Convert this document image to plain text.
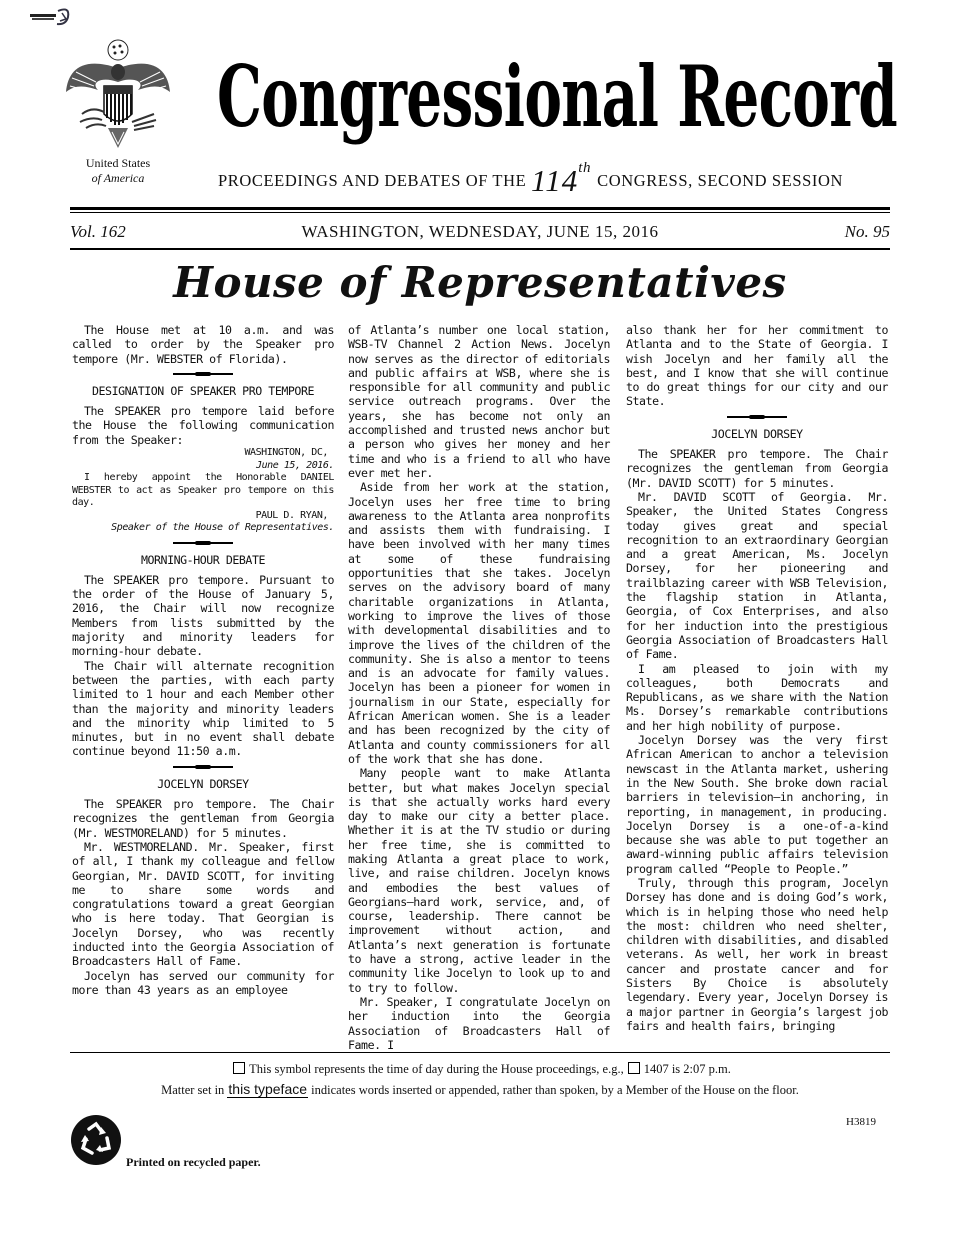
United States
of America
Congressional Record
PROCEEDINGS AND DEBATES OF THE 114thCONGRESS, SECOND SESSION
Vol. 162	WASHINGTON, WEDNESDAY, JUNE 15, 2016	No. 95
House of Representatives

The House met at 10 a.m. and was called to order by the Speaker pro tempore (Mr. WEBSTER of Florida).

DESIGNATION OF SPEAKER PRO TEMPORE

The SPEAKER pro tempore laid before the House the following communication from the Speaker:

WASHINGTON, DC,

June 15, 2016.

I hereby appoint the Honorable DANIEL WEBSTER to act as Speaker pro tempore on this day.

PAUL D. RYAN,

Speaker of the House of Representatives.

MORNING-HOUR DEBATE

The SPEAKER pro tempore. Pursuant to the order of the House of January 5, 2016, the Chair will now recognize Members from lists submitted by the majority and minority leaders for morning-hour debate.

The Chair will alternate recognition between the parties, with each party limited to 1 hour and each Member other than the majority and minority leaders and the minority whip limited to 5 minutes, but in no event shall debate continue beyond 11:50 a.m.

JOCELYN DORSEY

The SPEAKER pro tempore. The Chair recognizes the gentleman from Georgia (Mr. WESTMORELAND) for 5 minutes.

Mr. WESTMORELAND. Mr. Speaker, first of all, I thank my colleague and fellow Georgian, Mr. DAVID SCOTT, for inviting me to share some words and congratulations toward a great Georgian who is here today. That Georgian is Jocelyn Dorsey, who was recently inducted into the Georgia Association of Broadcasters Hall of Fame.

Jocelyn has served our community for more than 43 years as an employee

of Atlanta’s number one local station, WSB-TV Channel 2 Action News. Jocelyn now serves as the director of editorials and public affairs at WSB, where she is responsible for all community and public service outreach programs. Over the years, she has become not only an accomplished and trusted news anchor but a person who gives her money and her time and who is a friend to all who have ever met her.

Aside from her work at the station, Jocelyn uses her free time to bring awareness to the Atlanta area nonprofits and assists them with fundraising. I have been involved with her many times at some of these fundraising opportunities that she takes. Jocelyn serves on the advisory board of many charitable organizations in Atlanta, working to improve the lives of those with developmental disabilities and to improve the lives of the children of the community. She is also a mentor to teens and is an advocate for family values. Jocelyn has been a pioneer for women in journalism in our State, especially for African American women. She is a leader and has been recognized by the city of Atlanta and county commissioners for all of the work that she has done.

Many people want to make Atlanta better, but what makes Jocelyn special is that she actually works hard every day to make our city a better place. Whether it is at the TV studio or during her free time, she is committed to making Atlanta a great place to work, live, and raise children. Jocelyn knows and embodies the best values of Georgians—hard work, service, and, of course, leadership. There cannot be improvement without action, and Atlanta’s next generation is fortunate to have a strong, active leader in the community like Jocelyn to look up to and to try to follow.

Mr. Speaker, I congratulate Jocelyn on her induction into the Georgia Association of Broadcasters Hall of Fame. I

also thank her for her commitment to Atlanta and to the State of Georgia. I wish Jocelyn and her family all the best, and I know that she will continue to do great things for our city and our State.

JOCELYN DORSEY

The SPEAKER pro tempore. The Chair recognizes the gentleman from Georgia (Mr. DAVID SCOTT) for 5 minutes.

Mr. DAVID SCOTT of Georgia. Mr. Speaker, the United States Congress today gives great and special recognition to an extraordinary Georgian and a great American, Ms. Jocelyn Dorsey, for her pioneering and trailblazing career with WSB Television, the flagship station in Atlanta, Georgia, of Cox Enterprises, and also for her induction into the prestigious Georgia Association of Broadcasters Hall of Fame.

I am pleased to join with my colleagues, both Democrats and Republicans, as we share with the Nation Ms. Dorsey’s remarkable contributions and her high nobility of purpose.

Jocelyn Dorsey was the very first African American to anchor a television newscast in the Atlanta market, ushering in the New South. She broke down racial barriers in television—in anchoring, in reporting, in management, in producing. Jocelyn Dorsey is a one-of-a-kind because she was able to put together an award-winning public affairs television program called “People to People.”

Truly, through this program, Jocelyn Dorsey has done and is doing God’s work, which is in helping those who need help the most: children who need shelter, children with disabilities, and disabled veterans. As well, her work in breast cancer and prostate cancer and for Sisters By Choice is absolutely legendary. Every year, Jocelyn Dorsey is a major partner in Georgia’s largest job fairs and health fairs, bringing

This symbol represents the time of day during the House proceedings, e.g., 1407 is 2:07 p.m.
Matter set in this typeface indicates words inserted or appended, rather than spoken, by a Member of the House on the floor.
H3819
Printed on recycled paper.
